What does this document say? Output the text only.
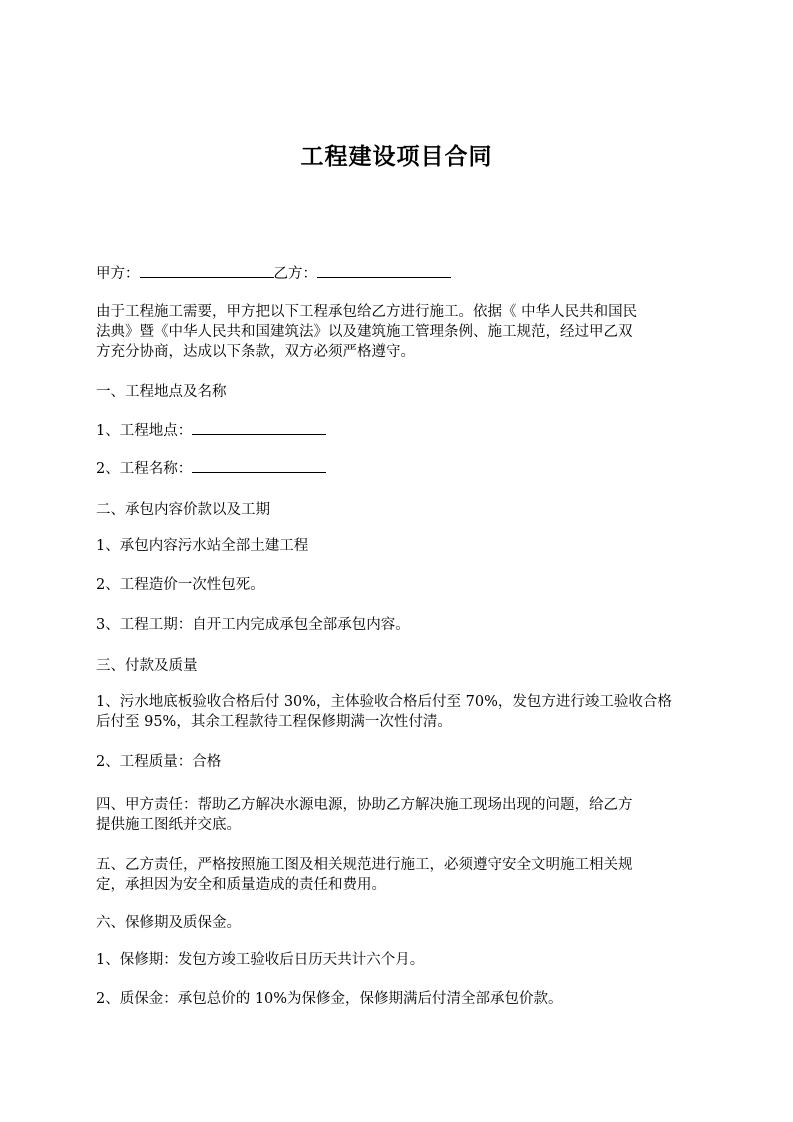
工程建设项目合同
甲方：	乙方：
由于工程施工需要，甲方把以下工程承包给乙方进行施工。依据《 中华人民共和国民
法典》暨《中华人民共和国建筑法》以及建筑施工管理条例、施工规范，经过甲乙双
方充分协商，达成以下条款，双方必须严格遵守。
一、工程地点及名称
1、工程地点：
2、工程名称：
二、承包内容价款以及工期
1、承包内容污水站全部土建工程
2、工程造价一次性包死。
3、工程工期：自开工内完成承包全部承包内容。
三、付款及质量
1、污水地底板验收合格后付 30%，主体验收合格后付至 70%，发包方进行竣工验收合格
后付至 95%，其余工程款待工程保修期满一次性付清。
2、工程质量：合格
四、甲方责任：帮助乙方解决水源电源，协助乙方解决施工现场出现的问题，给乙方
提供施工图纸并交底。
五、乙方责任，严格按照施工图及相关规范进行施工，必须遵守安全文明施工相关规
定，承担因为安全和质量造成的责任和费用。
六、保修期及质保金。
1、保修期：发包方竣工验收后日历天共计六个月。
2、质保金：承包总价的 10%为保修金，保修期满后付清全部承包价款。
